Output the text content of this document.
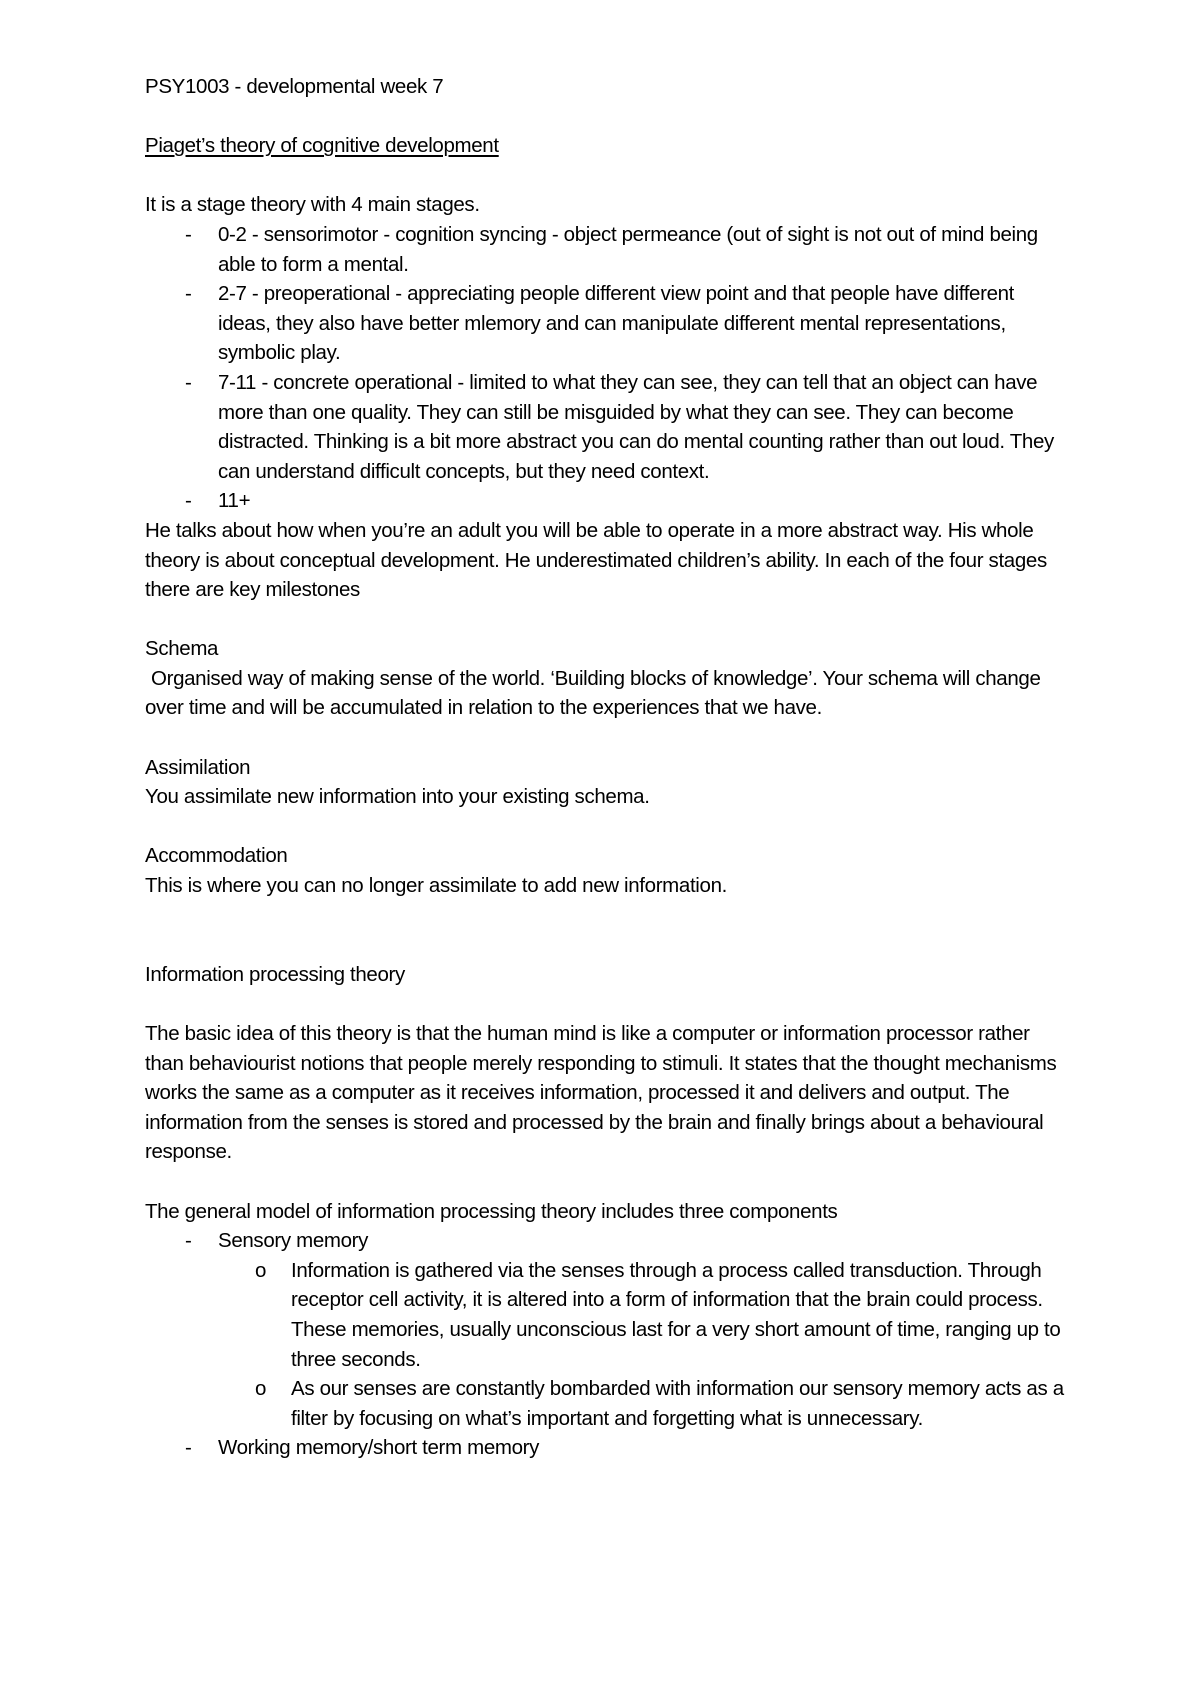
PSY1003 - developmental week 7

Piaget’s theory of cognitive development

It is a stage theory with 4 main stages.

- 0-2 - sensorimotor - cognition syncing - object permeance (out of sight is not out of mind being able to form a mental.
- 2-7 - preoperational - appreciating people different view point and that people have different ideas, they also have better mlemory and can manipulate different mental representations, symbolic play.
- 7-11 - concrete operational - limited to what they can see, they can tell that an object can have more than one quality. They can still be misguided by what they can see. They can become distracted. Thinking is a bit more abstract you can do mental counting rather than out loud. They can understand difficult concepts, but they need context.
- 11+

He talks about how when you’re an adult you will be able to operate in a more abstract way. His whole theory is about conceptual development. He underestimated children’s ability. In each of the four stages there are key milestones

Schema

Organised way of making sense of the world. ‘Building blocks of knowledge’. Your schema will change over time and will be accumulated in relation to the experiences that we have.

Assimilation

You assimilate new information into your existing schema.

Accommodation

This is where you can no longer assimilate to add new information.

Information processing theory

The basic idea of this theory is that the human mind is like a computer or information processor rather than behaviourist notions that people merely responding to stimuli. It states that the thought mechanisms works the same as a computer as it receives information, processed it and delivers and output. The information from the senses is stored and processed by the brain and finally brings about a behavioural response.

The general model of information processing theory includes three components

- Sensory memory
o Information is gathered via the senses through a process called transduction. Through receptor cell activity, it is altered into a form of information that the brain could process. These memories, usually unconscious last for a very short amount of time, ranging up to three seconds.
o As our senses are constantly bombarded with information our sensory memory acts as a filter by focusing on what’s important and forgetting what is unnecessary.
- Working memory/short term memory
